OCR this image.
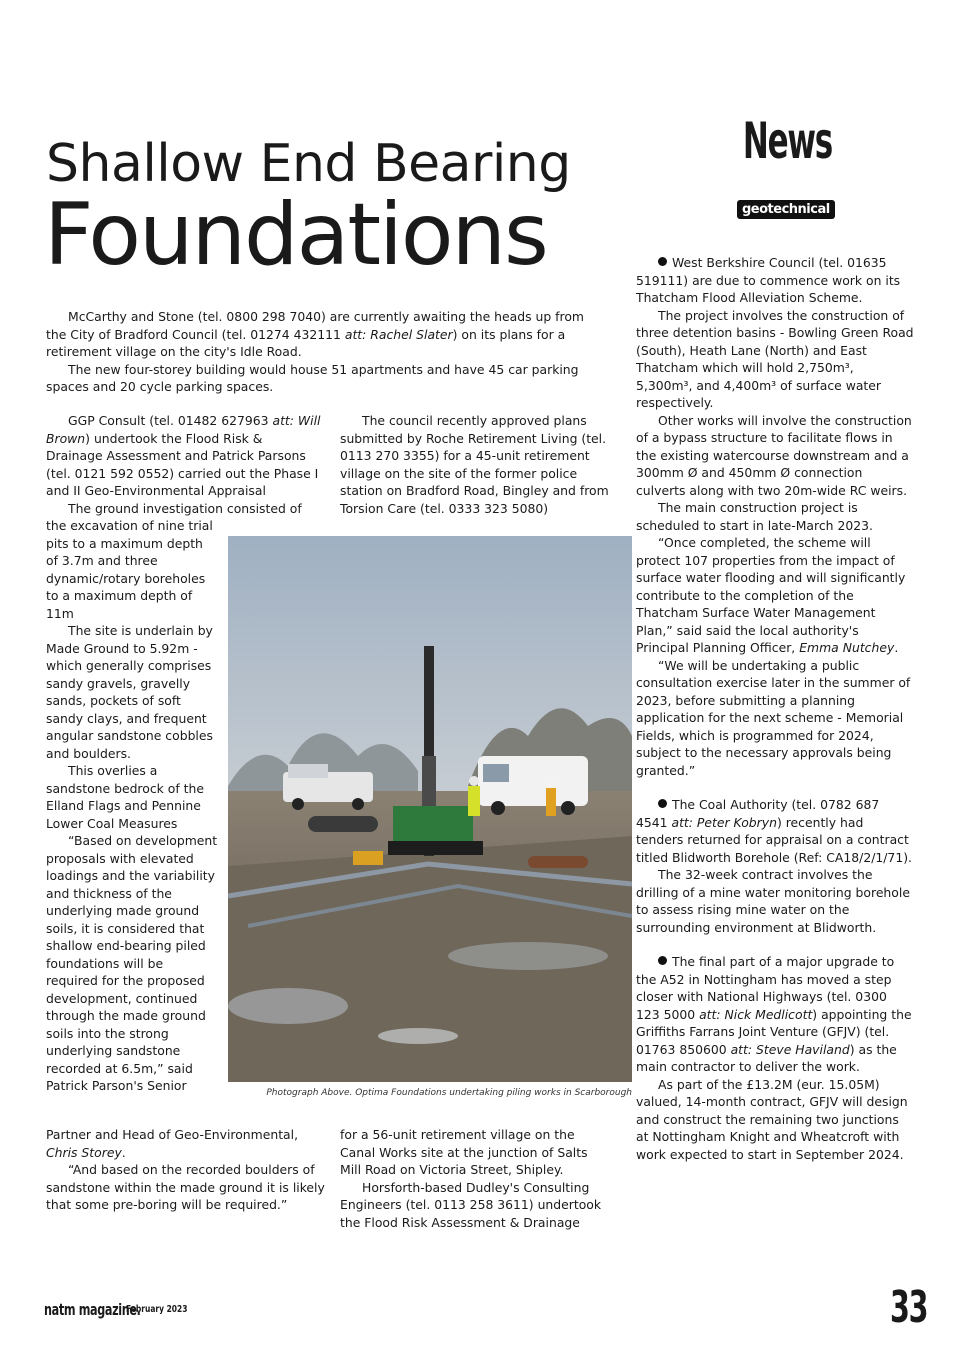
Shallow End Bearing
Foundations
News
geotechnical

McCarthy and Stone (tel. 0800 298 7040) are currently awaiting the heads up from the City of Bradford Council (tel. 01274 432111 att: Rachel Slater) on its plans for a retirement village on the city's Idle Road.

The new four-storey building would house 51 apartments and have 45 car parking spaces and 20 cycle parking spaces.

GGP Consult (tel. 01482 627963 att: Will Brown) undertook the Flood Risk & Drainage Assessment and Patrick Parsons (tel. 0121 592 0552) carried out the Phase I and II Geo-Environmental Appraisal

The ground investigation consisted of

the excavation of nine trial pits to a maximum depth of 3.7m and three dynamic/rotary boreholes to a maximum depth of 11m

The site is underlain by Made Ground to 5.92m - which generally comprises sandy gravels, gravelly sands, pockets of soft sandy clays, and frequent angular sandstone cobbles and boulders.

This overlies a sandstone bedrock of the Elland Flags and Pennine Lower Coal Measures

“Based on development proposals with elevated loadings and the variability and thickness of the underlying made ground soils, it is considered that shallow end-bearing piled foundations will be required for the proposed development, continued through the made ground soils into the strong underlying sandstone recorded at 6.5m,” said Patrick Parson's Senior

Partner and Head of Geo-Environmental, Chris Storey.

“And based on the recorded boulders of sandstone within the made ground it is likely that some pre-boring will be required.”

The council recently approved plans submitted by Roche Retirement Living (tel. 0113 270 3355) for a 45-unit retirement village on the site of the former police station on Bradford Road, Bingley and from Torsion Care (tel. 0333 323 5080)

Photograph Above. Optima Foundations undertaking piling works in Scarborough

for a 56-unit retirement village on the Canal Works site at the junction of Salts Mill Road on Victoria Street, Shipley.

Horsforth-based Dudley's Consulting Engineers (tel. 0113 258 3611) undertook the Flood Risk Assessment & Drainage

West Berkshire Council (tel. 01635 519111) are due to commence work on its Thatcham Flood Alleviation Scheme.

The project involves the construction of three detention basins - Bowling Green Road (South), Heath Lane (North) and East Thatcham which will hold 2,750m³, 5,300m³, and 4,400m³ of surface water respectively.

Other works will involve the construction of a bypass structure to facilitate flows in the existing watercourse downstream and a 300mm Ø and 450mm Ø connection culverts along with two 20m-wide RC weirs.

The main construction project is scheduled to start in late-March 2023.

“Once completed, the scheme will protect 107 properties from the impact of surface water flooding and will significantly contribute to the completion of the Thatcham Surface Water Management Plan,” said said the local authority's Principal Planning Officer, Emma Nutchey.

“We will be undertaking a public consultation exercise later in the summer of 2023, before submitting a planning application for the next scheme - Memorial Fields, which is programmed for 2024, subject to the necessary approvals being granted.”

The Coal Authority (tel. 0782 687 4541 att: Peter Kobryn) recently had tenders returned for appraisal on a contract titled Blidworth Borehole (Ref: CA18/2/1/71).

The 32-week contract involves the drilling of a mine water monitoring borehole to assess rising mine water on the surrounding environment at Blidworth.

The final part of a major upgrade to the A52 in Nottingham has moved a step closer with National Highways (tel. 0300 123 5000 att: Nick Medlicott) appointing the Griffiths Farrans Joint Venture (GFJV) (tel. 01763 850600 att: Steve Haviland) as the main contractor to deliver the work.

As part of the £13.2M (eur. 15.05M) valued, 14-month contract, GFJV will design and construct the remaining two junctions at Nottingham Knight and Wheatcroft with work expected to start in September 2024.

natm magazine.
February 2023	33
